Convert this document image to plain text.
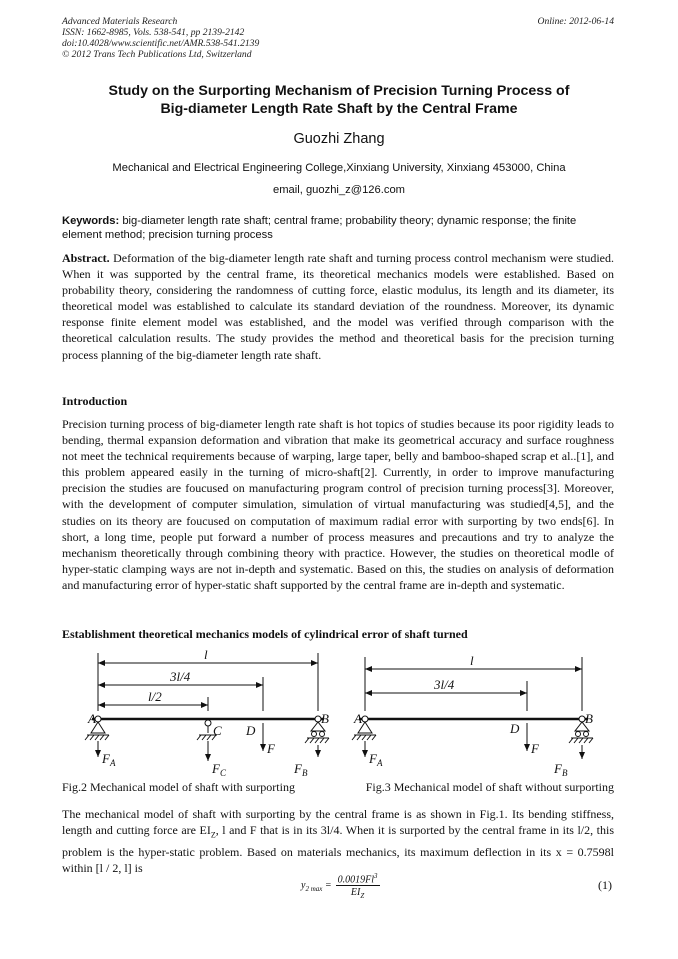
Advanced Materials Research
ISSN: 1662-8985, Vols. 538-541, pp 2139-2142
doi:10.4028/www.scientific.net/AMR.538-541.2139
© 2012 Trans Tech Publications Ltd, Switzerland
Online: 2012-06-14
Study on the Surporting Mechanism of Precision Turning Process of
Big-diameter Length Rate Shaft by the Central Frame
Guozhi Zhang
Mechanical and Electrical Engineering College,Xinxiang University, Xinxiang 453000, China
email, guozhi_z@126.com
Keywords: big-diameter length rate shaft; central frame; probability theory; dynamic response; the finite element method; precision turning process
Abstract. Deformation of the big-diameter length rate shaft and turning process control mechanism were studied. When it was supported by the central frame, its theoretical mechanics models were established. Based on probability theory, considering the randomness of cutting force, elastic modulus, its length and its diameter, its theoretical model was established to calculate its standard deviation of the roundness. Moreover, its dynamic response finite element model was established, and the model was verified through comparison with the theoretical calculation results. The study provides the method and theoretical basis for the precision turning process planning of the big-diameter length rate shaft.
Introduction
Precision turning process of big-diameter length rate shaft is hot topics of studies because its poor rigidity leads to bending, thermal expansion deformation and vibration that make its geometrical accuracy and surface roughness not meet the technical requirements because of warping, large taper, belly and bamboo-shaped scrap et al..[1], and this problem appeared easily in the turning of micro-shaft[2]. Currently, in order to improve manufacturing precision the studies are foucused on manufacturing program control of precision turning process[3]. Moreover, with the development of computer simulation, simulation of virtual manufacturing was studied[4,5], and the studies on its theory are foucused on computation of maximum radial error with surporting by two ends[6]. In short, a long time, people put forward a number of process measures and precautions and try to analyze the mechanism theoretically through combining theory with practice. However, the studies on theoretical modle of hyper-static clamping ways are not in-depth and systematic. Based on this, the studies on analysis of deformation and manufacturing error of hyper-static shaft supported by the central frame are in-depth and systematic.
Establishment theoretical mechanics models of cylindrical error of shaft turned
l
3l/4
l/2
A
C D
B
F
$F_A$	$F_C$	$F_B$
l
3l/4
A
D
B
F
$F_A$	$F_B$
Fig.2 Mechanical model of shaft with surporting	Fig.3 Mechanical model of shaft without surporting
The mechanical model of shaft with surporting by the central frame is as shown in Fig.1. Its bending stiffness, length and cutting force are $EI_Z$, l and F that is in its 3l/4. When it is surported by the central frame in its l/2, this problem is the hyper-static problem. Based on materials mechanics, its maximum deflection in its x = 0.7598l within [l / 2, l] is
$y_{2 max}$ =	$0.0019Fl^3$
$EI_Z$
(1)
